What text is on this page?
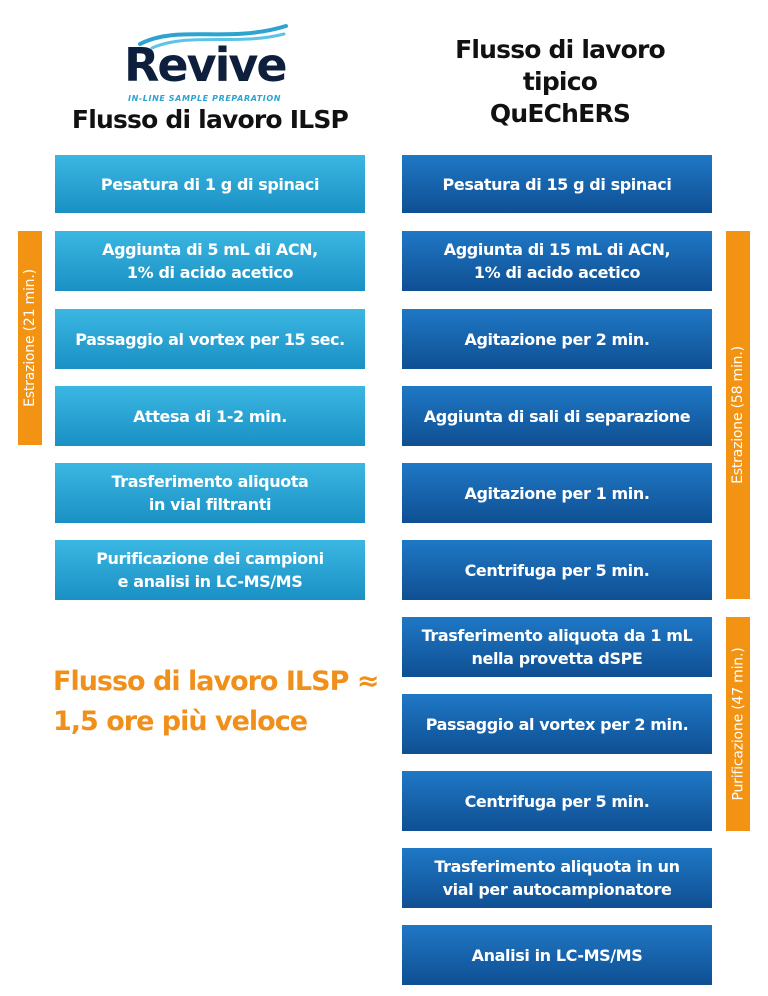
Revive
IN-LINE SAMPLE PREPARATION
Flusso di lavoro ILSP
Flusso di lavoro
tipico
QuEChERS
Pesatura di 1 g di spinaci
Aggiunta di 5 mL di ACN,
1% di acido acetico
Passaggio al vortex per 15 sec.
Attesa di 1-2 min.
Trasferimento aliquota
in vial filtranti
Purificazione dei campioni
e analisi in LC-MS/MS
Estrazione (21 min.)
Pesatura di 15 g di spinaci
Aggiunta di 15 mL di ACN,
1% di acido acetico
Agitazione per 2 min.
Aggiunta di sali di separazione
Agitazione per 1 min.
Centrifuga per 5 min.
Trasferimento aliquota da 1 mL
nella provetta dSPE
Passaggio al vortex per 2 min.
Centrifuga per 5 min.
Trasferimento aliquota in un
vial per autocampionatore
Analisi in LC-MS/MS
Estrazione (58 min.)
Purificazione (47 min.)
Flusso di lavoro ILSP ≈
1,5 ore più veloce
